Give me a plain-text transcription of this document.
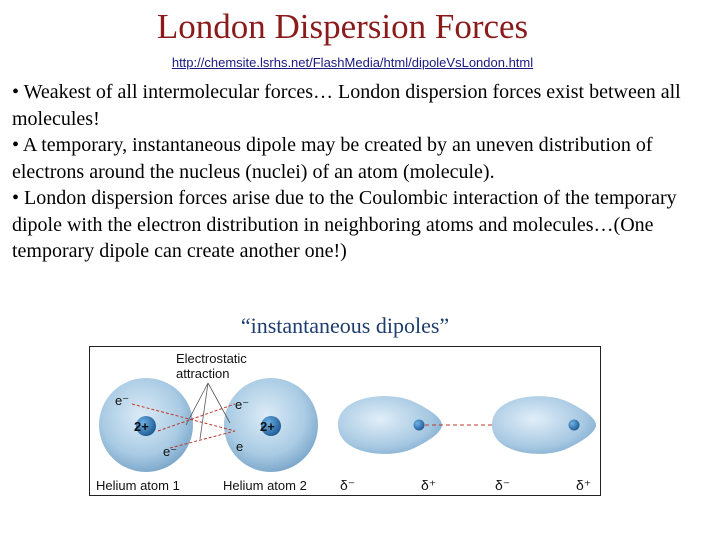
London Dispersion Forces
http://chemsite.lsrhs.net/FlashMedia/html/dipoleVsLondon.html

• Weakest of all intermolecular forces… London dispersion forces exist between all molecules!

• A temporary, instantaneous dipole may be created by an uneven distribution of electrons around the nucleus (nuclei) of an atom (molecule).

• London dispersion forces arise due to the Coulombic interaction of the temporary dipole with the electron distribution in neighboring atoms and molecules…(One temporary dipole can create another one!)

“instantaneous dipoles”
Electrostatic
attraction
2+
e⁻
e⁻
2+
e⁻
e
Helium atom 1	Helium atom 2 δ⁻	δ⁺	δ⁻	δ⁺
